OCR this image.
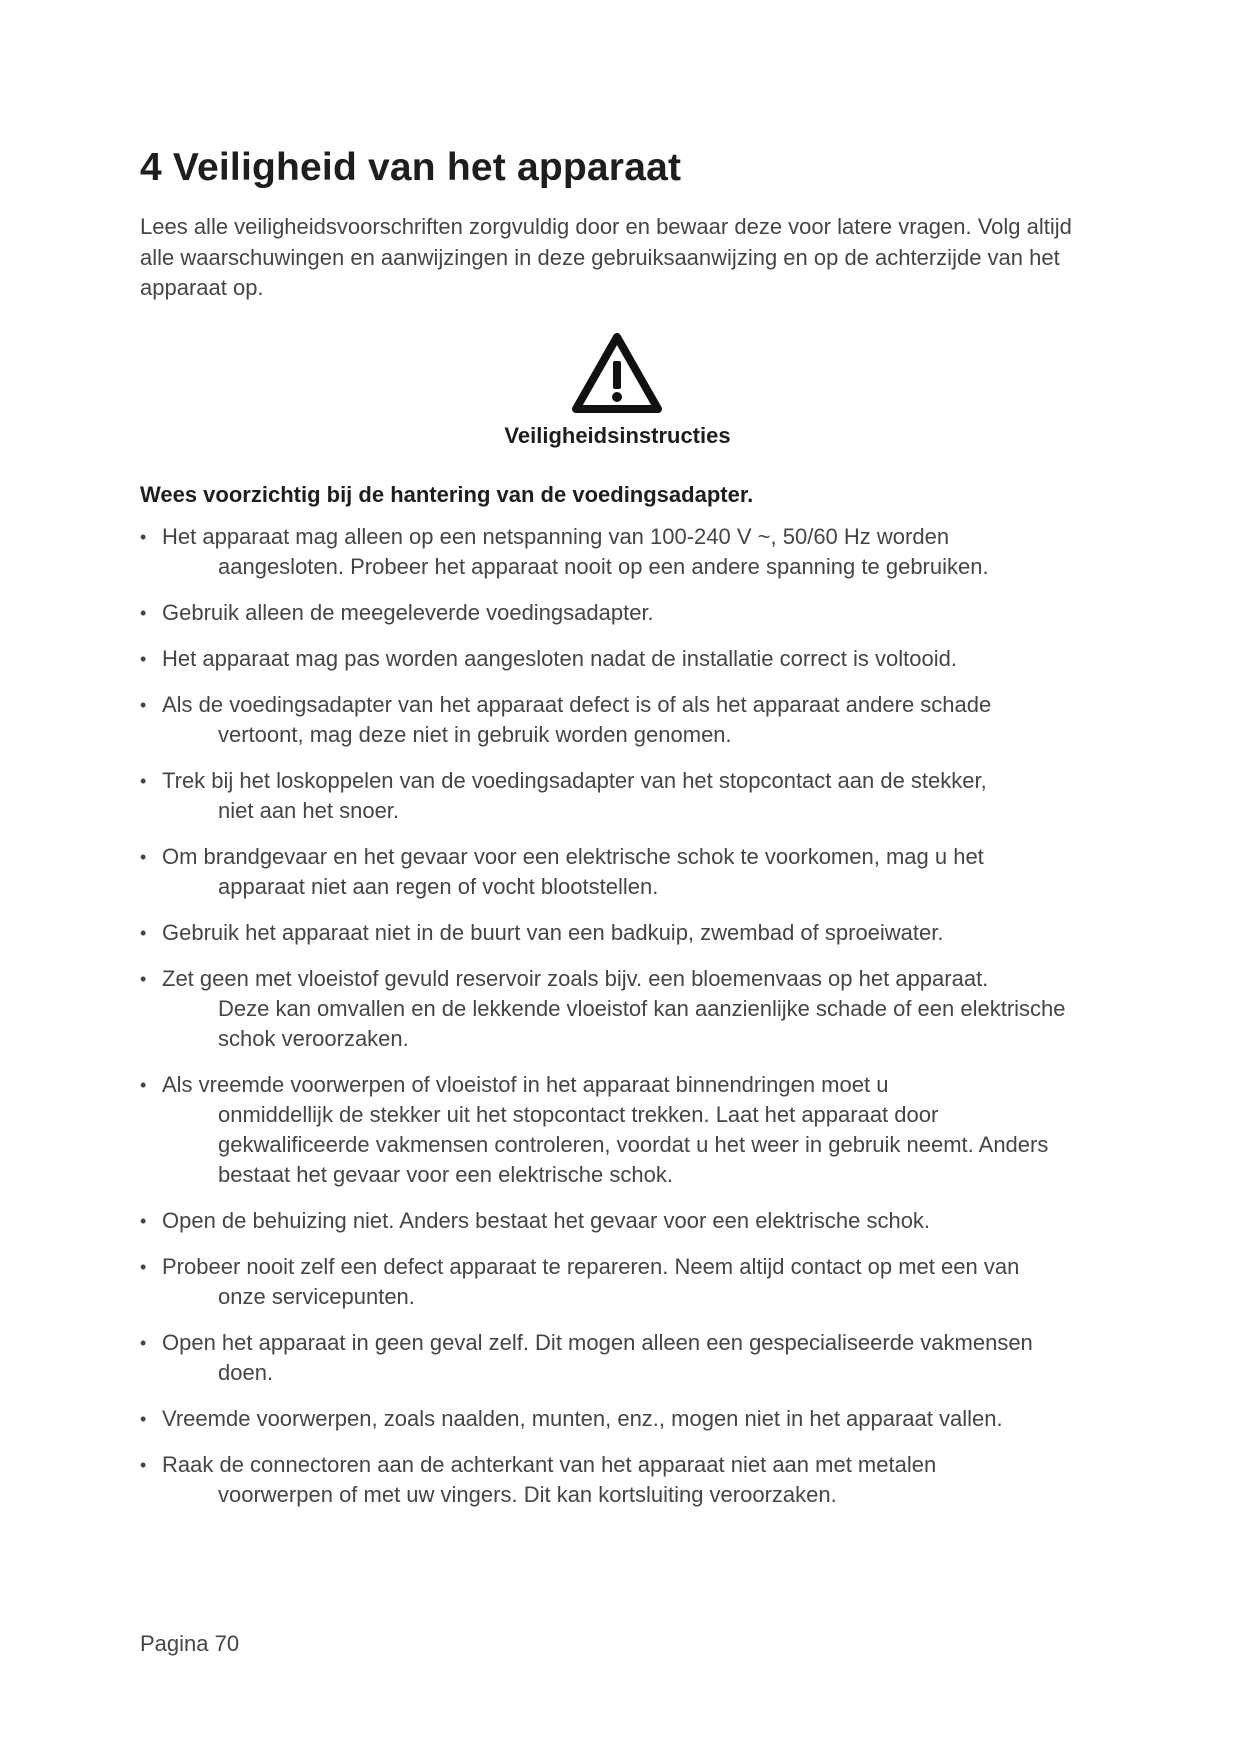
4 Veiligheid van het apparaat

Lees alle veiligheidsvoorschriften zorgvuldig door en bewaar deze voor latere vragen. Volg altijd
alle waarschuwingen en aanwijzingen in deze gebruiksaanwijzing en op de achterzijde van het
apparaat op.

Veiligheidsinstructies
Wees voorzichtig bij de hantering van de voedingsadapter.
• Het apparaat mag alleen op een netspanning van 100-240 V ~, 50/60 Hz worden
aangesloten. Probeer het apparaat nooit op een andere spanning te gebruiken.
• Gebruik alleen de meegeleverde voedingsadapter.
• Het apparaat mag pas worden aangesloten nadat de installatie correct is voltooid.
• Als de voedingsadapter van het apparaat defect is of als het apparaat andere schade
vertoont, mag deze niet in gebruik worden genomen.
• Trek bij het loskoppelen van de voedingsadapter van het stopcontact aan de stekker,
niet aan het snoer.
• Om brandgevaar en het gevaar voor een elektrische schok te voorkomen, mag u het
apparaat niet aan regen of vocht blootstellen.
• Gebruik het apparaat niet in de buurt van een badkuip, zwembad of sproeiwater.
• Zet geen met vloeistof gevuld reservoir zoals bijv. een bloemenvaas op het apparaat.
Deze kan omvallen en de lekkende vloeistof kan aanzienlijke schade of een elektrische
schok veroorzaken.
• Als vreemde voorwerpen of vloeistof in het apparaat binnendringen moet u
onmiddellijk de stekker uit het stopcontact trekken. Laat het apparaat door
gekwalificeerde vakmensen controleren, voordat u het weer in gebruik neemt. Anders
bestaat het gevaar voor een elektrische schok.
• Open de behuizing niet. Anders bestaat het gevaar voor een elektrische schok.
• Probeer nooit zelf een defect apparaat te repareren. Neem altijd contact op met een van
onze servicepunten.
• Open het apparaat in geen geval zelf. Dit mogen alleen een gespecialiseerde vakmensen
doen.
• Vreemde voorwerpen, zoals naalden, munten, enz., mogen niet in het apparaat vallen.
• Raak de connectoren aan de achterkant van het apparaat niet aan met metalen
voorwerpen of met uw vingers. Dit kan kortsluiting veroorzaken.

Pagina 70
